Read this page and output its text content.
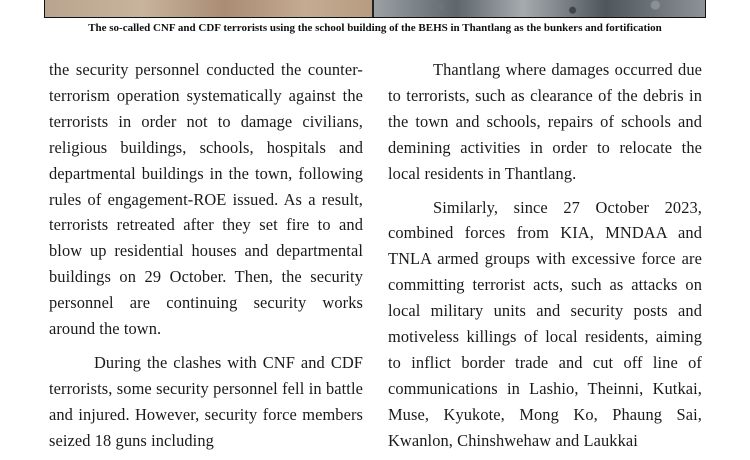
The so-called CNF and CDF terrorists using the school building of the BEHS in Thantlang as the bunkers and fortification

the security personnel conducted the counter-terrorism operation systematically against the terrorists in order not to damage civilians, religious buildings, schools, hospitals and departmental buildings in the town, following rules of engagement-ROE issued. As a result, terrorists retreated after they set fire to and blow up residential houses and departmental buildings on 29 October. Then, the security personnel are continuing security works around the town.

During the clashes with CNF and CDF terrorists, some security personnel fell in battle and injured. However, security force members seized 18 guns including

Thantlang where damages occurred due to terrorists, such as clearance of the debris in the town and schools, repairs of schools and demining activities in order to relocate the local residents in Thantlang.

Similarly, since 27 October 2023, combined forces from KIA, MNDAA and TNLA armed groups with excessive force are committing terrorist acts, such as attacks on local military units and security posts and motiveless killings of local residents, aiming to inflict border trade and cut off line of communications in Lashio, Theinni, Kutkai, Muse, Kyukote, Mong Ko, Phaung Sai, Kwanlon, Chinshwehaw and Laukkai
